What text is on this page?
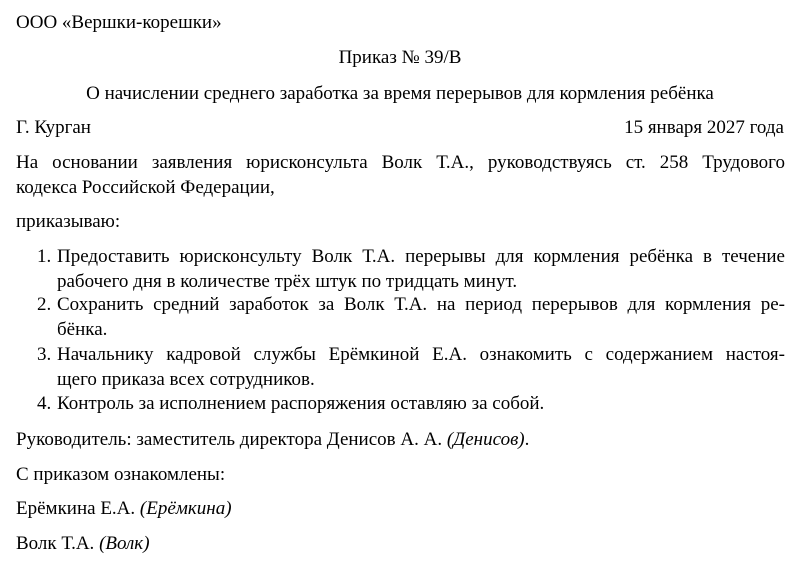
ООО «Вершки-корешки»
Приказ № 39/В
О начислении среднего заработка за время перерывов для кормления ребёнка
Г. Курган	15 января 2027 года
На основании заявления юрисконсульта Волк Т.А., руководствуясь ст. 258 Трудового
кодекса Российской Федерации,
приказываю:
1. Предоставить юрисконсульту Волк Т.А. перерывы для кормления ребёнка в течение
рабочего дня в количестве трёх штук по тридцать минут.
2. Сохранить средний заработок за Волк Т.А. на период перерывов для кормления ре-
бёнка.
3. Начальнику кадровой службы Ерёмкиной Е.А. ознакомить с содержанием настоя-
щего приказа всех сотрудников.
4. Контроль за исполнением распоряжения оставляю за собой.
Руководитель: заместитель директора Денисов А. А. (Денисов).
С приказом ознакомлены:
Ерёмкина Е.А. (Ерёмкина)
Волк Т.А. (Волк)
